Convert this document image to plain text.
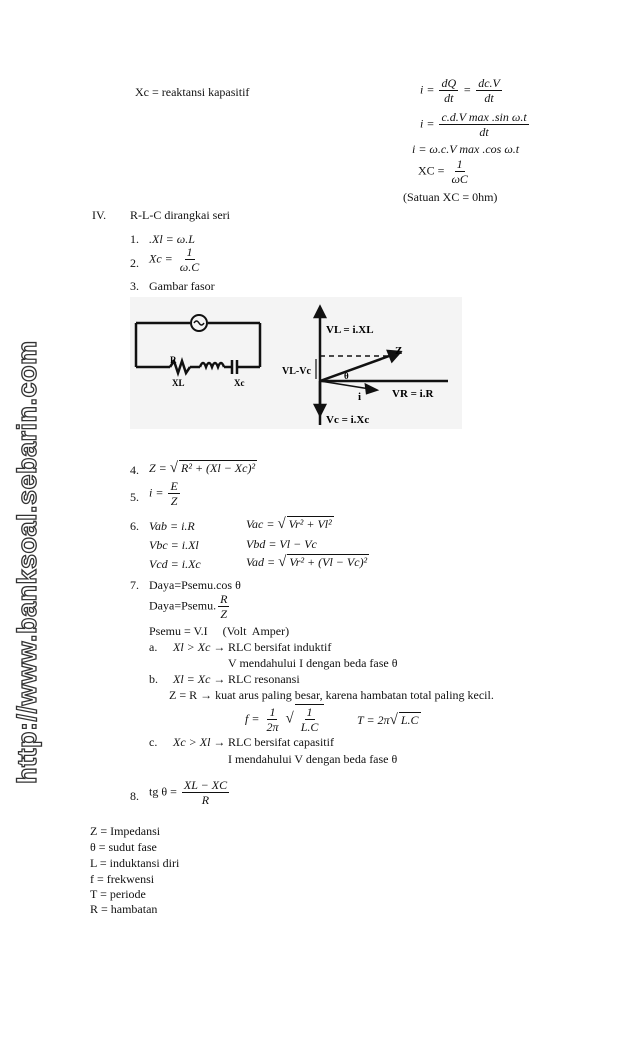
http://www.banksoal.sebarin.com
Xc = reaktansi kapasitif	$i = \frac{dQ}{dt} = \frac{dc.V}{dt}$
$i = \frac{\text{c.d.V max .sin ω.t}}{dt}$
i = ω.c.V max .cos ω.t
XC = $\frac{1}{\omega C}$
(Satuan XC = 0hm)
IV. R-L-C dirangkai seri
1. .Xl = ω.L
2. $Xc = \frac{1}{\omega.C}$
3. Gambar fasor
R
XL	Xc
VL = i.XL
VL-Vc
Z
θ
i	VR = i.R
Vc = i.Xc
4. Z = √ R² + (Xl − Xc)²
5. $i = \frac{E}{Z}$
6. Vab = i.R
Vbc = i.Xl
Vcd = i.Xc
Vac = √ Vr² + Vl²
Vbd = Vl − Vc
Vad = √ Vr² + (Vl − Vc)²
7. Daya=Psemu.cos θ
Daya=Psemu. $\frac{R}{Z}$
Psemu = V.I     (Volt  Amper)
a. Xl > Xc → RLC bersifat induktif
V mendahului I dengan beda fase θ
b. Xl = Xc → RLC resonansi
Z = R → kuat arus paling besar, karena hambatan total paling kecil.
$f = \frac{1}{2\pi}$ √ $\frac{1}{L.C}$	T = 2π√ L.C
c. Xc > Xl → RLC bersifat capasitif
I mendahului V dengan beda fase θ
8. tg $\theta = \frac{XL - XC}{R}$
Z = Impedansi
θ = sudut fase
L = induktansi diri
f = frekwensi
T = periode
R = hambatan
